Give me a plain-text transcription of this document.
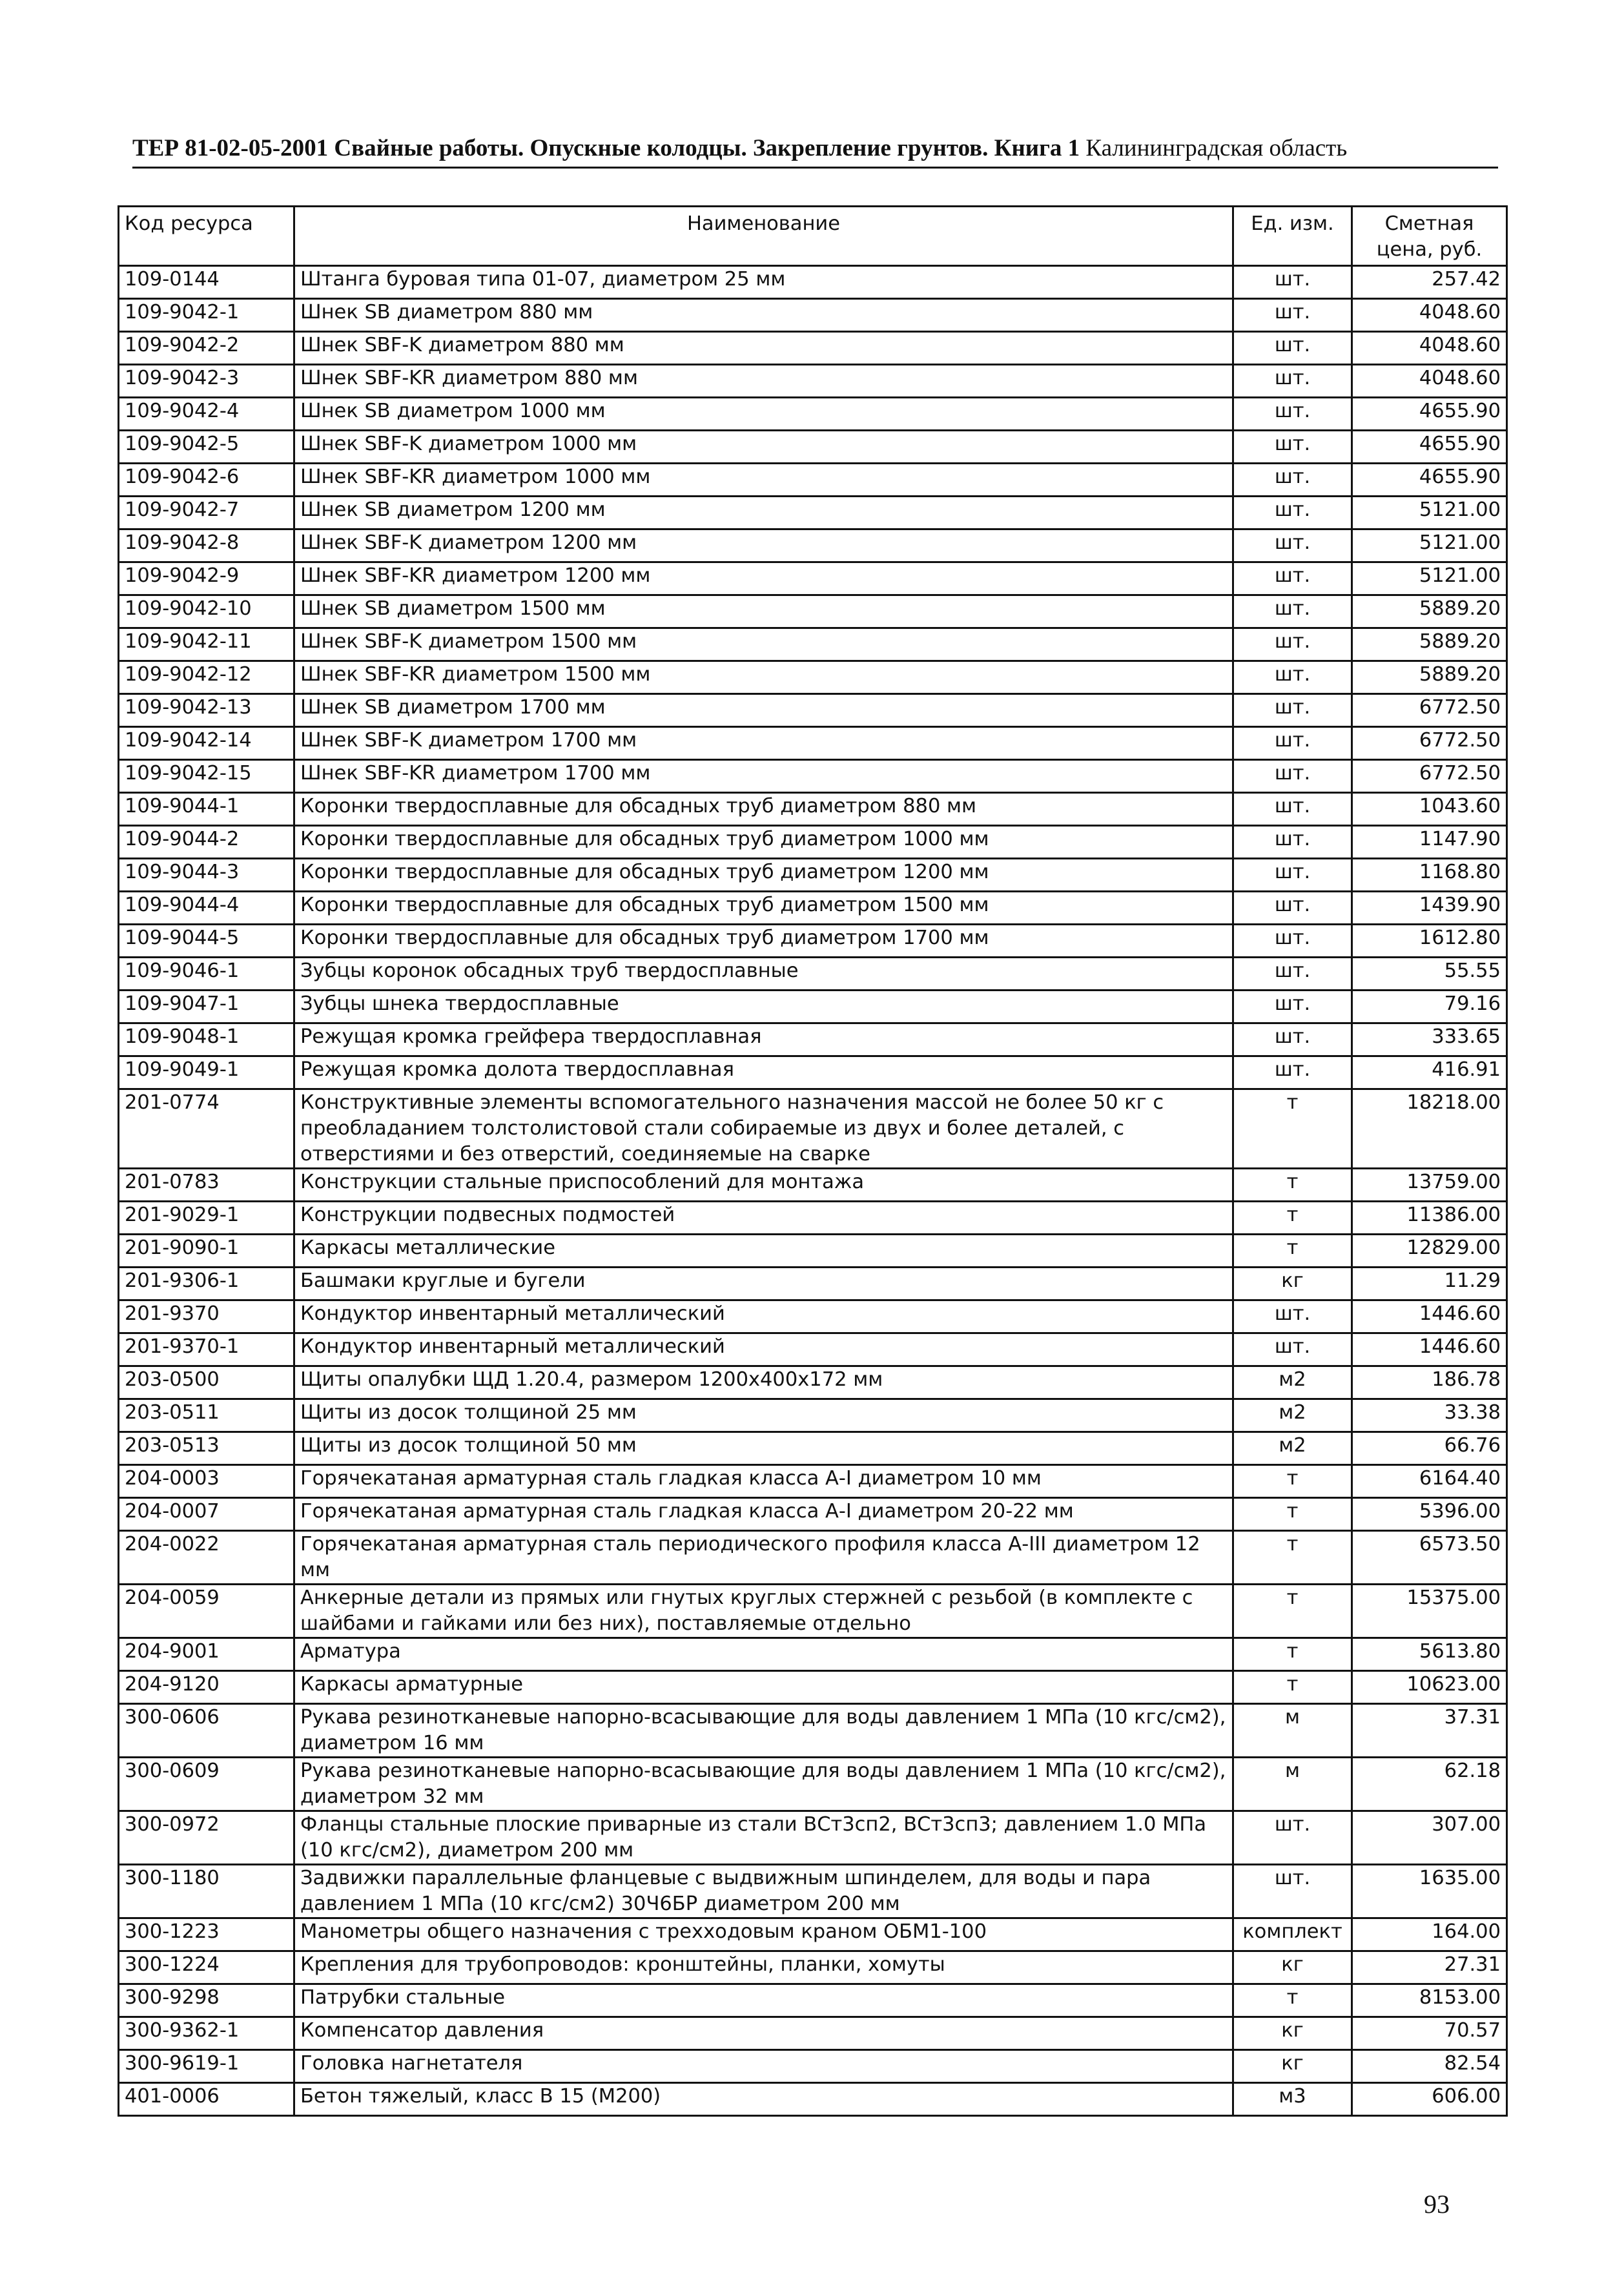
ТЕР 81-02-05-2001 Свайные работы. Опускные колодцы. Закрепление грунтов. Книга 1 Калининградская область
Код ресурса	Наименование	Ед. изм.	Сметная цена, руб.
109-0144	Штанга буровая типа 01-07, диаметром 25 мм	шт.	257.42
109-9042-1	Шнек SB диаметром 880 мм	шт.	4048.60
109-9042-2	Шнек SBF-K диаметром 880 мм	шт.	4048.60
109-9042-3	Шнек SBF-KR диаметром 880 мм	шт.	4048.60
109-9042-4	Шнек SB диаметром 1000 мм	шт.	4655.90
109-9042-5	Шнек SBF-K диаметром 1000 мм	шт.	4655.90
109-9042-6	Шнек SBF-KR диаметром 1000 мм	шт.	4655.90
109-9042-7	Шнек SB диаметром 1200 мм	шт.	5121.00
109-9042-8	Шнек SBF-K диаметром 1200 мм	шт.	5121.00
109-9042-9	Шнек SBF-KR диаметром 1200 мм	шт.	5121.00
109-9042-10	Шнек SB диаметром 1500 мм	шт.	5889.20
109-9042-11	Шнек SBF-K диаметром 1500 мм	шт.	5889.20
109-9042-12	Шнек SBF-KR диаметром 1500 мм	шт.	5889.20
109-9042-13	Шнек SB диаметром 1700 мм	шт.	6772.50
109-9042-14	Шнек SBF-K диаметром 1700 мм	шт.	6772.50
109-9042-15	Шнек SBF-KR диаметром 1700 мм	шт.	6772.50
109-9044-1	Коронки твердосплавные для обсадных труб диаметром 880 мм	шт.	1043.60
109-9044-2	Коронки твердосплавные для обсадных труб диаметром 1000 мм	шт.	1147.90
109-9044-3	Коронки твердосплавные для обсадных труб диаметром 1200 мм	шт.	1168.80
109-9044-4	Коронки твердосплавные для обсадных труб диаметром 1500 мм	шт.	1439.90
109-9044-5	Коронки твердосплавные для обсадных труб диаметром 1700 мм	шт.	1612.80
109-9046-1	Зубцы коронок обсадных труб твердосплавные	шт.	55.55
109-9047-1	Зубцы шнека твердосплавные	шт.	79.16
109-9048-1	Режущая кромка грейфера твердосплавная	шт.	333.65
109-9049-1	Режущая кромка долота твердосплавная	шт.	416.91
201-0774	Конструктивные элементы вспомогательного назначения массой не более 50 кг с преобладанием толстолистовой стали собираемые из двух и более деталей, с отверстиями и без отверстий, соединяемые на сварке	т	18218.00
201-0783	Конструкции стальные приспособлений для монтажа	т	13759.00
201-9029-1	Конструкции подвесных подмостей	т	11386.00
201-9090-1	Каркасы металлические	т	12829.00
201-9306-1	Башмаки круглые и бугели	кг	11.29
201-9370	Кондуктор инвентарный металлический	шт.	1446.60
201-9370-1	Кондуктор инвентарный металлический	шт.	1446.60
203-0500	Щиты опалубки ЩД 1.20.4, размером 1200х400х172 мм	м2	186.78
203-0511	Щиты из досок толщиной 25 мм	м2	33.38
203-0513	Щиты из досок толщиной 50 мм	м2	66.76
204-0003	Горячекатаная арматурная сталь гладкая класса А-I диаметром 10 мм	т	6164.40
204-0007	Горячекатаная арматурная сталь гладкая класса А-I диаметром 20-22 мм	т	5396.00
204-0022	Горячекатаная арматурная сталь периодического профиля класса А-III диаметром 12 мм	т	6573.50
204-0059	Анкерные детали из прямых или гнутых круглых стержней с резьбой (в комплекте с шайбами и гайками или без них), поставляемые отдельно	т	15375.00
204-9001	Арматура	т	5613.80
204-9120	Каркасы арматурные	т	10623.00
300-0606	Рукава резинотканевые напорно-всасывающие для воды давлением 1 МПа (10 кгс/см2), диаметром 16 мм	м	37.31
300-0609	Рукава резинотканевые напорно-всасывающие для воды давлением 1 МПа (10 кгс/см2), диаметром 32 мм	м	62.18
300-0972	Фланцы стальные плоские приварные из стали ВСт3сп2, ВСт3сп3; давлением 1.0 МПа (10 кгс/см2), диаметром 200 мм	шт.	307.00
300-1180	Задвижки параллельные фланцевые с выдвижным шпинделем, для воды и пара давлением 1 МПа (10 кгс/см2) 30Ч6БР диаметром 200 мм	шт.	1635.00
300-1223	Манометры общего назначения с трехходовым краном ОБМ1-100	комплект	164.00
300-1224	Крепления для трубопроводов: кронштейны, планки, хомуты	кг	27.31
300-9298	Патрубки стальные	т	8153.00
300-9362-1	Компенсатор давления	кг	70.57
300-9619-1	Головка нагнетателя	кг	82.54
401-0006	Бетон тяжелый, класс В 15 (М200)	м3	606.00
93
